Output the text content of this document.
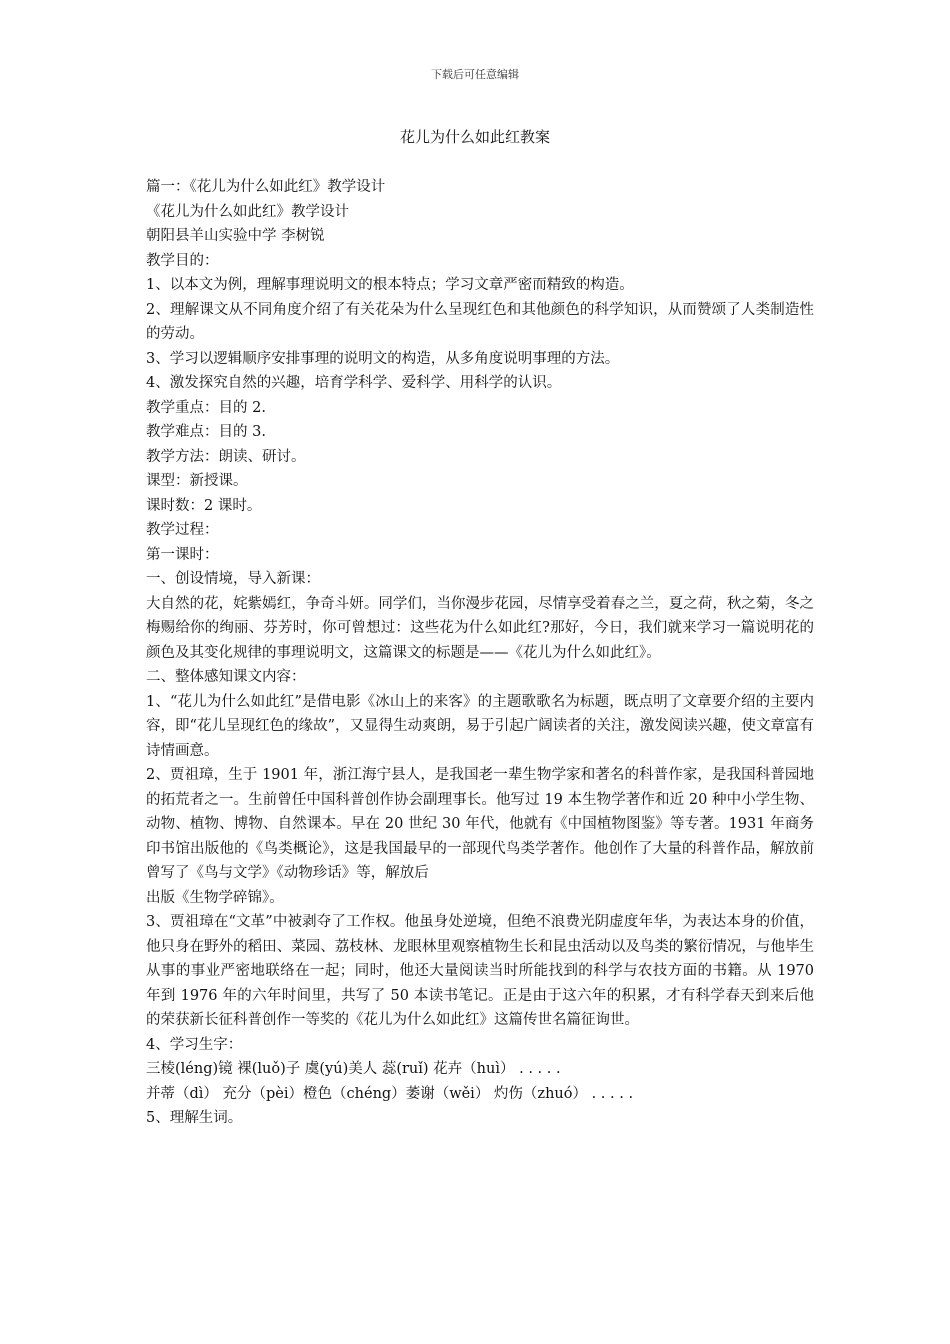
下载后可任意编辑
花儿为什么如此红教案

篇一：《花儿为什么如此红》教学设计

《花儿为什么如此红》教学设计

朝阳县羊山实验中学 李树锐

教学目的：

1、以本文为例，理解事理说明文的根本特点；学习文章严密而精致的构造。

2、理解课文从不同角度介绍了有关花朵为什么呈现红色和其他颜色的科学知识，从而赞颂了人类制造性的劳动。

3、学习以逻辑顺序安排事理的说明文的构造，从多角度说明事理的方法。

4、激发探究自然的兴趣，培育学科学、爱科学、用科学的认识。

教学重点：目的 2.

教学难点：目的 3.

教学方法：朗读、研讨。

课型：新授课。

课时数：2 课时。

教学过程：

第一课时：

一、创设情境，导入新课：

大自然的花，姹紫嫣红，争奇斗妍。同学们，当你漫步花园，尽情享受着春之兰，夏之荷，秋之菊，冬之梅赐给你的绚丽、芬芳时，你可曾想过：这些花为什么如此红?那好，今日，我们就来学习一篇说明花的颜色及其变化规律的事理说明文，这篇课文的标题是——《花儿为什么如此红》。

二、整体感知课文内容：

1、“花儿为什么如此红”是借电影《冰山上的来客》的主题歌歌名为标题，既点明了文章要介绍的主要内容，即“花儿呈现红色的缘故”，又显得生动爽朗，易于引起广阔读者的关注，激发阅读兴趣，使文章富有诗情画意。

2、贾祖璋，生于 1901 年，浙江海宁县人，是我国老一辈生物学家和著名的科普作家，是我国科普园地的拓荒者之一。生前曾任中国科普创作协会副理事长。他写过 19 本生物学著作和近 20 种中小学生物、动物、植物、博物、自然课本。早在 20 世纪 30 年代，他就有《中国植物图鉴》等专著。1931 年商务印书馆出版他的《鸟类概论》，这是我国最早的一部现代鸟类学著作。他创作了大量的科普作品，解放前曾写了《鸟与文学》《动物珍话》等，解放后

出版《生物学碎锦》。

3、贾祖璋在“文革”中被剥夺了工作权。他虽身处逆境，但绝不浪费光阴虚度年华，为表达本身的价值，他只身在野外的稻田、菜园、荔枝林、龙眼林里观察植物生长和昆虫活动以及鸟类的繁衍情况，与他毕生从事的事业严密地联络在一起；同时，他还大量阅读当时所能找到的科学与农技方面的书籍。从 1970 年到 1976 年的六年时间里，共写了 50 本读书笔记。正是由于这六年的积累，才有科学春天到来后他的荣获新长征科普创作一等奖的《花儿为什么如此红》这篇传世名篇征询世。

4、学习生字：

三棱(léng)镜 裸(luǒ)子 虞(yú)美人 蕊(ruǐ) 花卉（huì） . . . . .

并蒂（dì） 充分（pèi）橙色（chéng）萎谢（wěi） 灼伤（zhuó） . . . . .

5、理解生词。
